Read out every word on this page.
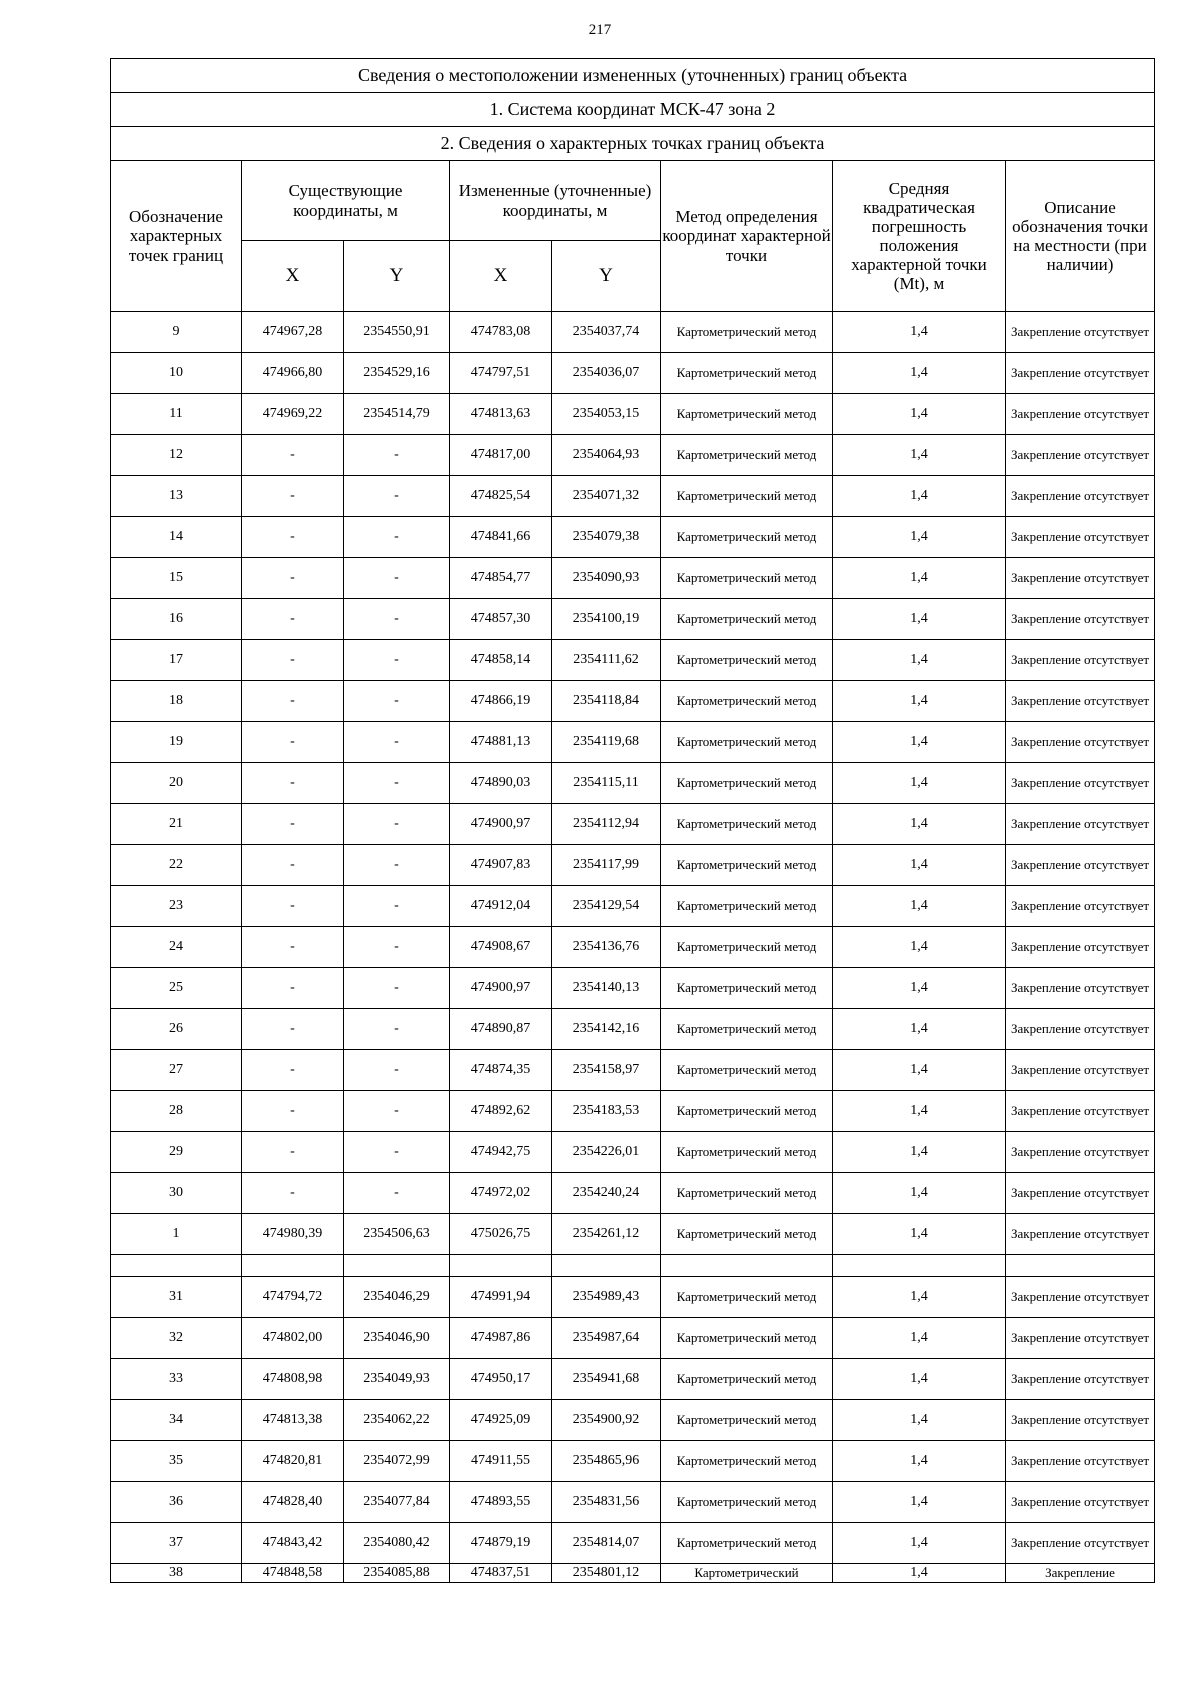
217
Сведения о местоположении измененных (уточненных) границ объекта							
1. Система координат МСК-47 зона 2							
2. Сведения о характерных точках границ объекта							
Обозначение характерных точек границ	Существующие координаты, м		Измененные (уточненные) координаты, м		Метод определения координат характерной точки	Средняя квадратическая погрешность положения характерной точки (Mt), м	Описание обозначения точки на местности (при наличии)
	X	Y	X	Y			
9	474967,28	2354550,91	474783,08	2354037,74	Картометрический метод	1,4	Закрепление отсутствует
10	474966,80	2354529,16	474797,51	2354036,07	Картометрический метод	1,4	Закрепление отсутствует
11	474969,22	2354514,79	474813,63	2354053,15	Картометрический метод	1,4	Закрепление отсутствует
12	-	-	474817,00	2354064,93	Картометрический метод	1,4	Закрепление отсутствует
13	-	-	474825,54	2354071,32	Картометрический метод	1,4	Закрепление отсутствует
14	-	-	474841,66	2354079,38	Картометрический метод	1,4	Закрепление отсутствует
15	-	-	474854,77	2354090,93	Картометрический метод	1,4	Закрепление отсутствует
16	-	-	474857,30	2354100,19	Картометрический метод	1,4	Закрепление отсутствует
17	-	-	474858,14	2354111,62	Картометрический метод	1,4	Закрепление отсутствует
18	-	-	474866,19	2354118,84	Картометрический метод	1,4	Закрепление отсутствует
19	-	-	474881,13	2354119,68	Картометрический метод	1,4	Закрепление отсутствует
20	-	-	474890,03	2354115,11	Картометрический метод	1,4	Закрепление отсутствует
21	-	-	474900,97	2354112,94	Картометрический метод	1,4	Закрепление отсутствует
22	-	-	474907,83	2354117,99	Картометрический метод	1,4	Закрепление отсутствует
23	-	-	474912,04	2354129,54	Картометрический метод	1,4	Закрепление отсутствует
24	-	-	474908,67	2354136,76	Картометрический метод	1,4	Закрепление отсутствует
25	-	-	474900,97	2354140,13	Картометрический метод	1,4	Закрепление отсутствует
26	-	-	474890,87	2354142,16	Картометрический метод	1,4	Закрепление отсутствует
27	-	-	474874,35	2354158,97	Картометрический метод	1,4	Закрепление отсутствует
28	-	-	474892,62	2354183,53	Картометрический метод	1,4	Закрепление отсутствует
29	-	-	474942,75	2354226,01	Картометрический метод	1,4	Закрепление отсутствует
30	-	-	474972,02	2354240,24	Картометрический метод	1,4	Закрепление отсутствует
1	474980,39	2354506,63	475026,75	2354261,12	Картометрический метод	1,4	Закрепление отсутствует

31	474794,72	2354046,29	474991,94	2354989,43	Картометрический метод	1,4	Закрепление отсутствует
32	474802,00	2354046,90	474987,86	2354987,64	Картометрический метод	1,4	Закрепление отсутствует
33	474808,98	2354049,93	474950,17	2354941,68	Картометрический метод	1,4	Закрепление отсутствует
34	474813,38	2354062,22	474925,09	2354900,92	Картометрический метод	1,4	Закрепление отсутствует
35	474820,81	2354072,99	474911,55	2354865,96	Картометрический метод	1,4	Закрепление отсутствует
36	474828,40	2354077,84	474893,55	2354831,56	Картометрический метод	1,4	Закрепление отсутствует
37	474843,42	2354080,42	474879,19	2354814,07	Картометрический метод	1,4	Закрепление отсутствует
38	474848,58	2354085,88	474837,51	2354801,12	Картометрический	1,4	Закрепление
